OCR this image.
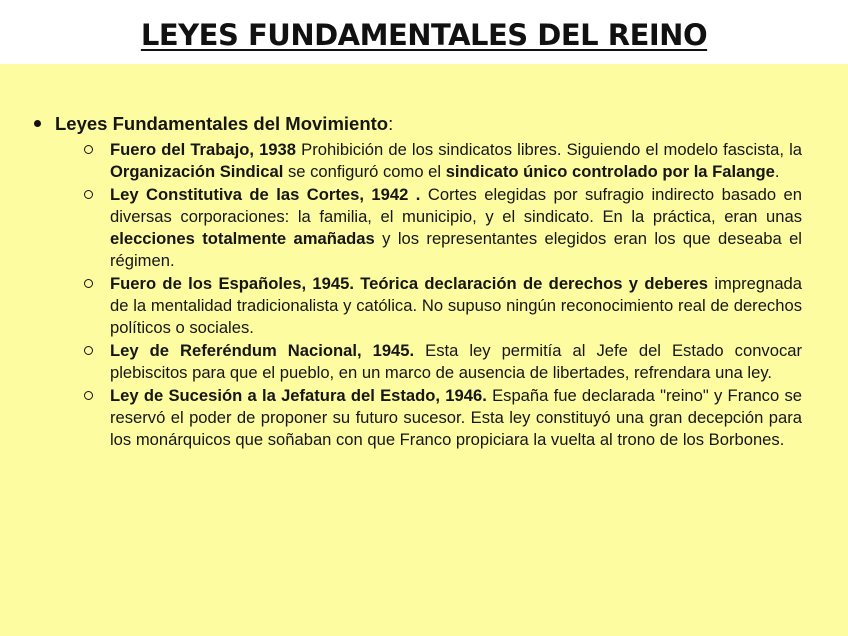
LEYES FUNDAMENTALES DEL REINO
Leyes Fundamentales del Movimiento:
Fuero del Trabajo, 1938 Prohibición de los sindicatos libres. Siguiendo el modelo fascista, la Organización Sindical se configuró como el sindicato único controlado por la Falange.
Ley Constitutiva de las Cortes, 1942 . Cortes elegidas por sufragio indirecto basado en diversas corporaciones: la familia, el municipio, y el sindicato. En la práctica, eran unas elecciones totalmente amañadas y los representantes elegidos eran los que deseaba el régimen.
Fuero de los Españoles, 1945. Teórica declaración de derechos y deberes impregnada de la mentalidad tradicionalista y católica. No supuso ningún reconocimiento real de derechos políticos o sociales.
Ley de Referéndum Nacional, 1945. Esta ley permitía al Jefe del Estado convocar plebiscitos para que el pueblo, en un marco de ausencia de libertades, refrendara una ley.
Ley de Sucesión a la Jefatura del Estado, 1946. España fue declarada "reino" y Franco se reservó el poder de proponer su futuro sucesor. Esta ley constituyó una gran decepción para los monárquicos que soñaban con que Franco propiciara la vuelta al trono de los Borbones.
